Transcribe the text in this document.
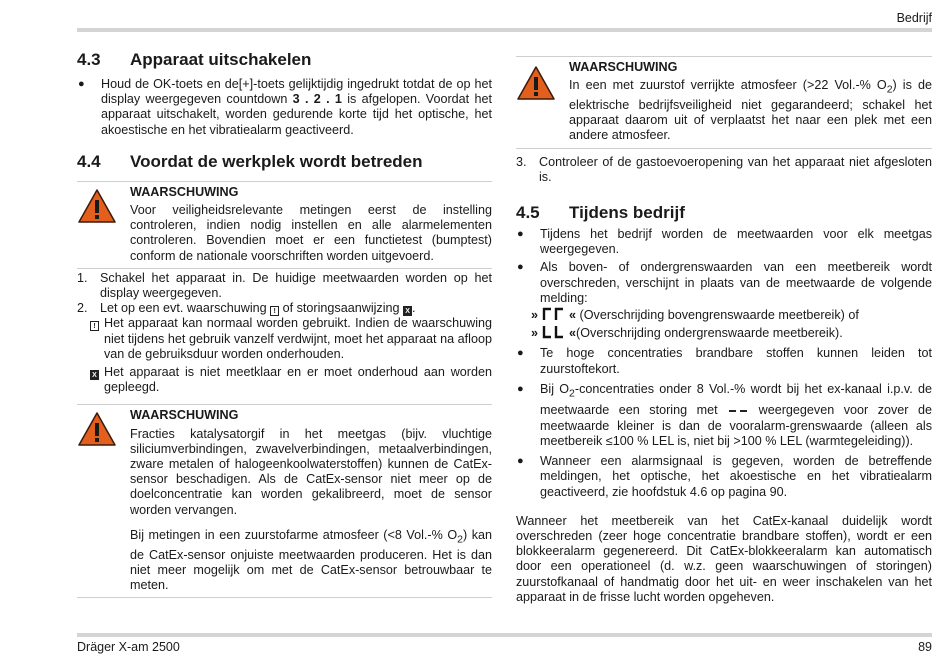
Bedrijf
4.3	Apparaat uitschakelen
●	Houd de OK-toets en de[+]-toets gelijktijdig ingedrukt totdat de op het display weergegeven countdown 3 . 2 . 1 is afgelopen. Voordat het apparaat uitschakelt, worden gedurende korte tijd het optische, het akoestische en het vibratiealarm geactiveerd.
4.4	Voordat de werkplek wordt betreden
WAARSCHUWING
Voor veiligheidsrelevante metingen eerst de instelling controleren, indien nodig instellen en alle alarmelementen controleren. Bovendien moet er een functietest (bumptest) conform de nationale voorschriften worden uitgevoerd.
1. Schakel het apparaat in. De huidige meetwaarden worden op het display weergegeven.
2. Let op een evt. waarschuwing ! of storingsaanwijzing X .
! Het apparaat kan normaal worden gebruikt. Indien de waarschuwing niet tijdens het gebruik vanzelf verdwijnt, moet het apparaat na afloop van de gebruiksduur worden onderhouden.
X Het apparaat is niet meetklaar en er moet onderhoud aan worden gepleegd.
WAARSCHUWING
Fracties katalysatorgif in het meetgas (bijv. vluchtige siliciumverbindingen, zwavelverbindingen, metaalverbindingen, zware metalen of halogeenkoolwaterstoffen) kunnen de CatEx-sensor beschadigen. Als de CatEx-sensor niet meer op de doelconcentratie kan worden gekalibreerd, moet de sensor worden vervangen.
Bij metingen in een zuurstofarme atmosfeer (<8 Vol.-% $O_2$) kan de CatEx-sensor onjuiste meetwaarden produceren. Het is dan niet meer mogelijk om met de CatEx-sensor betrouwbaar te meten.
WAARSCHUWING
In een met zuurstof verrijkte atmosfeer (>22 Vol.-% $O_2$) is de elektrische bedrijfsveiligheid niet gegarandeerd; schakel het apparaat daarom uit of verplaatst het naar een plek met een andere atmosfeer.
3. Controleer of de gastoevoeropening van het apparaat niet afgesloten is.
4.5	Tijdens bedrijf
●	Tijdens het bedrijf worden de meetwaarden voor elk meetgas weergegeven.
●	Als boven- of ondergrenswaarden van een meetbereik wordt overschreden, verschijnt in plaats van de meetwaarde de volgende melding:
» « (Overschrijding bovengrenswaarde meetbereik) of
» «(Overschrijding ondergrenswaarde meetbereik).
●	Te hoge concentraties brandbare stoffen kunnen leiden tot zuurstoftekort.
●	Bij $O_2$-concentraties onder 8 Vol.-% wordt bij het ex-kanaal i.p.v. de meetwaarde een storing met	weergegeven voor zover de meetwaarde kleiner is dan de vooralarm-grenswaarde (alleen als meetbereik ≤100 % LEL is, niet bij >100 % LEL (warmtegeleiding)).
●	Wanneer een alarmsignaal is gegeven, worden de betreffende meldingen, het optische, het akoestische en het vibratiealarm geactiveerd, zie hoofdstuk 4.6 op pagina 90.
Wanneer het meetbereik van het CatEx-kanaal duidelijk wordt overschreden (zeer hoge concentratie brandbare stoffen), wordt er een blokkeeralarm gegenereerd. Dit CatEx-blokkeeralarm kan automatisch door een operationeel (d. w.z. geen waarschuwingen of storingen) zuurstofkanaal of handmatig door het uit- en weer inschakelen van het apparaat in de frisse lucht worden opgeheven.
Dräger X-am 2500	89
